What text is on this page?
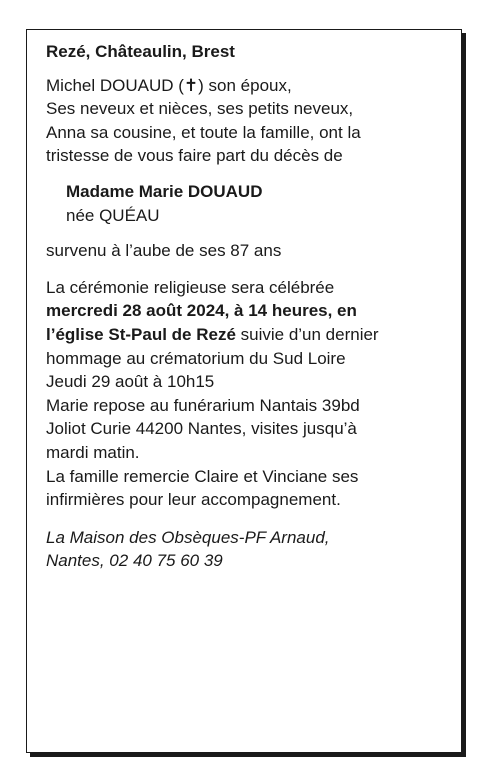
Rezé, Châteaulin, Brest

Michel DOUAUD (✝) son époux,

Ses neveux et nièces, ses petits neveux,

Anna sa cousine, et toute la famille, ont la tristesse de vous faire part du décès de

Madame Marie DOUAUD

née QUÉAU

survenu à l’aube de ses 87 ans

La cérémonie religieuse sera célébrée mercredi 28 août 2024, à 14 heures, en l’église St-Paul de Rezé suivie d’un dernier hommage au crématorium du Sud Loire

Jeudi 29 août à 10h15

Marie repose au funérarium Nantais 39bd Joliot Curie 44200 Nantes, visites jusqu’à mardi matin.

La famille remercie Claire et Vinciane ses infirmières pour leur accompagnement.

La Maison des Obsèques-PF Arnaud, Nantes, 02 40 75 60 39
